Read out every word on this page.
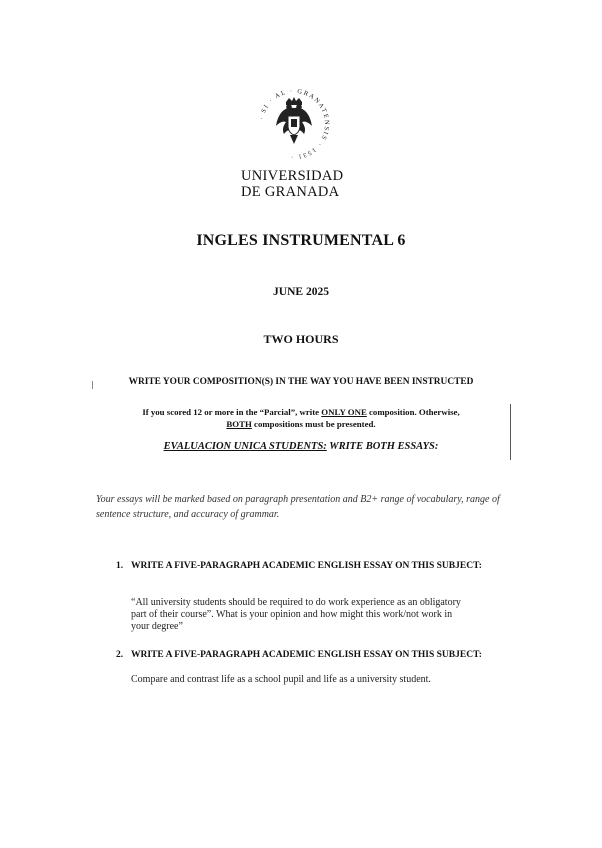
· SI · AL · GRANATENSIS · 1531 ·
UNIVERSIDAD
DE GRANADA
INGLES INSTRUMENTAL 6
JUNE 2025
TWO HOURS
WRITE YOUR COMPOSITION(S) IN THE WAY YOU HAVE BEEN INSTRUCTED
If you scored 12 or more in the “Parcial”, write ONLY ONE composition. Otherwise,
BOTH compositions must be presented.
EVALUACION UNICA STUDENTS: WRITE BOTH ESSAYS:
Your essays will be marked based on paragraph presentation and B2+ range of vocabulary, range of sentence structure, and accuracy of grammar.
1. WRITE A FIVE-PARAGRAPH ACADEMIC ENGLISH ESSAY ON THIS SUBJECT:
“All university students should be required to do work experience as an obligatory part of their course”. What is your opinion and how might this work/not work in your degree”
2. WRITE A FIVE-PARAGRAPH ACADEMIC ENGLISH ESSAY ON THIS SUBJECT:
Compare and contrast life as a school pupil and life as a university student.
